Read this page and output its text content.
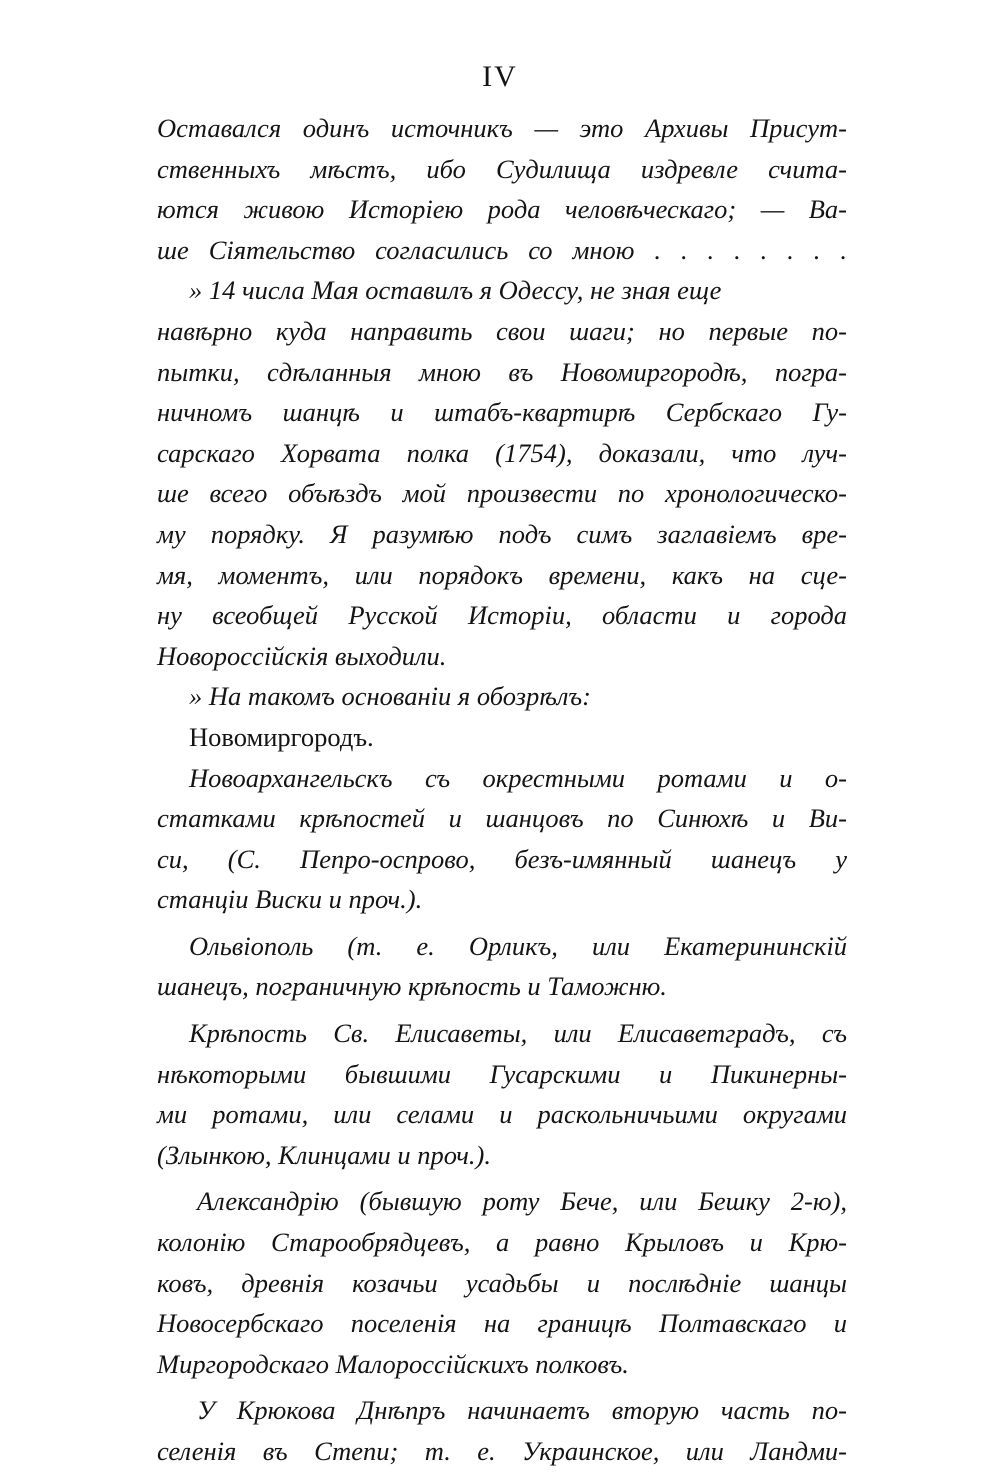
IV
Оставался одинъ источникъ — это Архивы Присут-
ственныхъ мѣстъ, ибо Судилища издревле счита-
ются живою Исторіею рода человѣческаго; — Ва-
ше Сіятельство согласились со мною . . . . . . . .
» 14 числа Мая оставилъ я Одессу, не зная еще
навѣрно куда направить свои шаги; но первые по-
пытки, сдѣланныя мною въ Новомиргородѣ, погра-
ничномъ шанцѣ и штабъ-квартирѣ Сербскаго Гу-
сарскаго Хорвата полка (1754), доказали, что луч-
ше всего объѣздъ мой произвести по хронологическо-
му порядку. Я разумѣю подъ симъ заглавіемъ вре-
мя, моментъ, или порядокъ времени, какъ на сце-
ну всеобщей Русской Исторіи, области и города
Новороссійскія выходили.
» На такомъ основаніи я обозрѣлъ:
Новомиргородъ.
Новоархангельскъ съ окрестными ротами и о-
статками крѣпостей и шанцовъ по Синюхѣ и Ви-
си, (С. Пепро-оспрово, безъ-имянный шанецъ у
станціи Виски и проч.).
Ольвіополь (т. е. Орликъ, или Екатерининскій
шанецъ, пограничную крѣпость и Таможню.
Крѣпость Св. Елисаветы, или Елисаветградъ, съ
нѣкоторыми бывшими Гусарскими и Пикинерны-
ми ротами, или селами и раскольничьими округами
(Злынкою, Клинцами и проч.).
Александрію (бывшую роту Бече, или Бешку 2-ю),
колонію Старообрядцевъ, а равно Крыловъ и Крю-
ковъ, древнія козачьи усадьбы и послѣдніе шанцы
Новосербскаго поселенія на границѣ Полтавскаго и
Миргородскаго Малороссійскихъ полковъ.
У Крюкова Днѣпръ начинаетъ вторую часть по-
селенія въ Степи; т. е. Украинское, или Ландми-
